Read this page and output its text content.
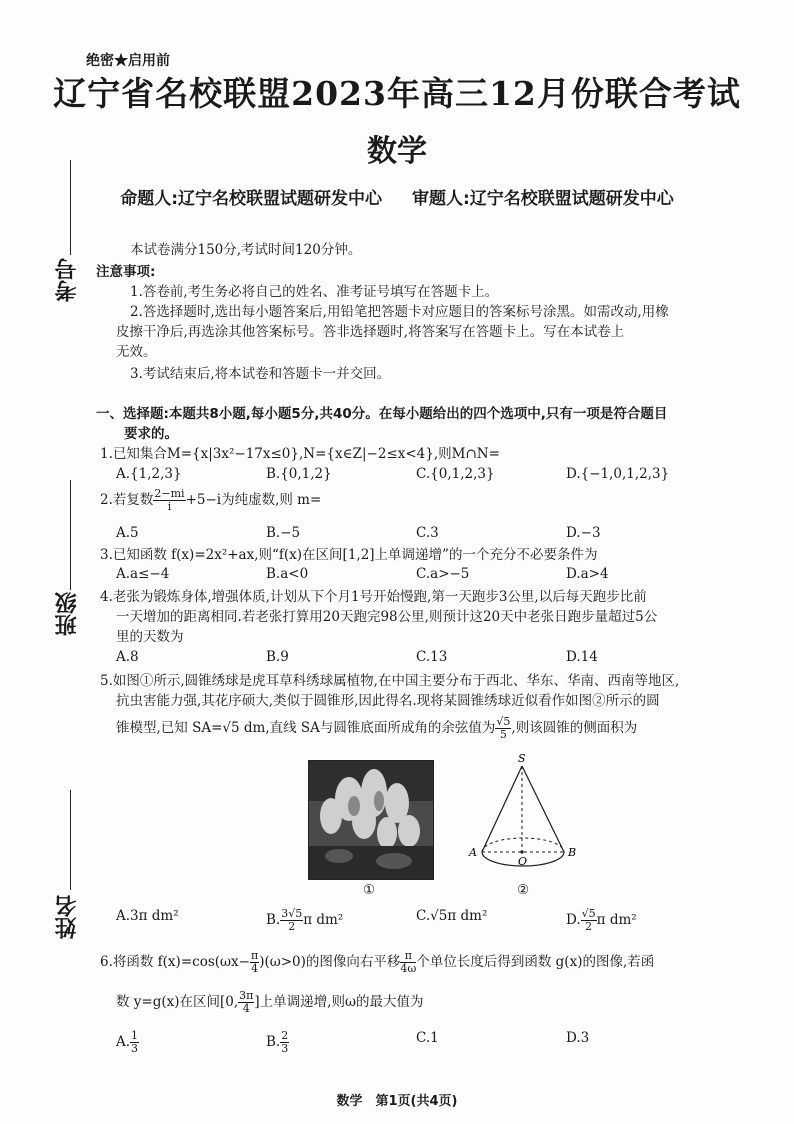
考号
班级
姓名
绝密★启用前
辽宁省名校联盟2023年高三12月份联合考试
数学
命题人:辽宁名校联盟试题研发中心 审题人:辽宁名校联盟试题研发中心
本试卷满分150分,考试时间120分钟。
注意事项:
1.答卷前,考生务必将自己的姓名、准考证号填写在答题卡上。
2.答选择题时,选出每小题答案后,用铅笔把答题卡对应题目的答案标号涂黑。如需改动,用橡
皮擦干净后,再选涂其他答案标号。答非选择题时,将答案写在答题卡上。写在本试卷上
无效。
3.考试结束后,将本试卷和答题卡一并交回。
一、选择题:本题共8小题,每小题5分,共40分。在每小题给出的四个选项中,只有一项是符合题目
要求的。
1.已知集合M={x|3x²−17x≤0},N={x∈Z|−2≤x<4},则M∩N=
A.{1,2,3}	B.{0,1,2}	C.{0,1,2,3}	D.{−1,0,1,2,3}
2.若复数 $\frac{2-mi}{i} +5-i$为纯虚数,则 m=
A.5	B.−5	C.3	D.−3
3.已知函数 f(x)=2x²+ax,则“f(x)在区间[1,2]上单调递增”的一个充分不必要条件为
A.a≤−4	B.a<0	C.a>−5	D.a>4
4.老张为锻炼身体,增强体质,计划从下个月1号开始慢跑,第一天跑步3公里,以后每天跑步比前
一天增加的距离相同.若老张打算用20天跑完98公里,则预计这20天中老张日跑步量超过5公
里的天数为
A.8	B.9	C.13	D.14
5.如图①所示,圆锥绣球是虎耳草科绣球属植物,在中国主要分布于西北、华东、华南、西南等地区,
抗虫害能力强,其花序硕大,类似于圆锥形,因此得名.现将某圆锥绣球近似看作如图②所示的圆
锥模型,已知 SA=√5 dm,直线 SA与圆锥底面所成角的余弦值为 $\frac{√5}{5}$ ,则该圆锥的侧面积为
①
S
A
O
B
②
A.3π dm²	B. $\frac{3√5}{2}$ π dm²	C.√5π dm²	D. $\frac{√5}{2}$ π dm²
6.将函数 $f(x)=\cos(\omega x- \frac{\pi}{4} )(\omega>0)$的图像向右平移 $\frac{\pi}{4\omega}$ 个单位长度后得到函数 g(x)的图像,若函
数 y=g(x)在区间[0, $\frac{3\pi}{4}$ ]上单调递增,则ω的最大值为
A. $\frac{1}{3}$	B. $\frac{2}{3}$	C.1	D.3
数学　第1页(共4页)
